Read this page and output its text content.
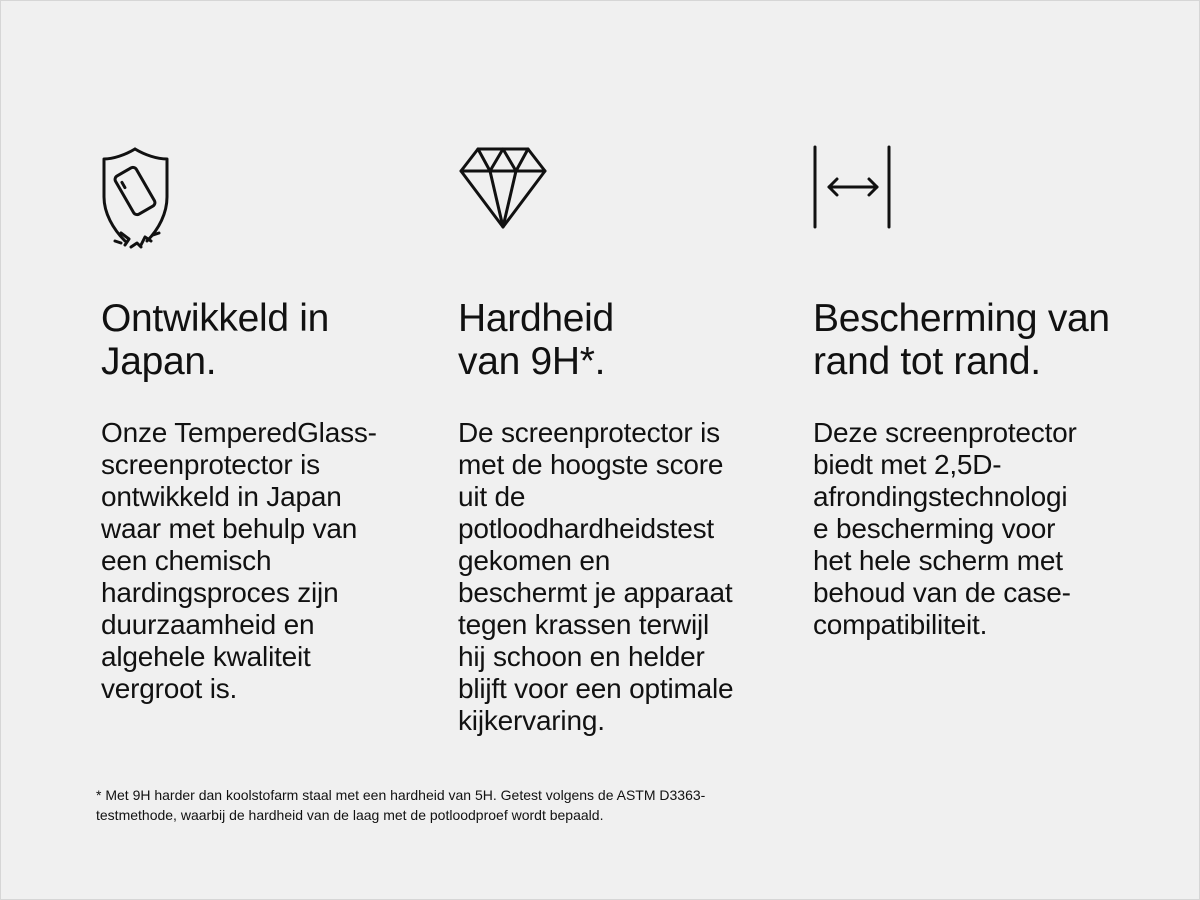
Ontwikkeld in
Japan.
Onze TemperedGlass-
screenprotector is
ontwikkeld in Japan
waar met behulp van
een chemisch
hardingsproces zijn
duurzaamheid en
algehele kwaliteit
vergroot is.
Hardheid
van 9H*.
De screenprotector is
met de hoogste score
uit de
potloodhardheidstest
gekomen en
beschermt je apparaat
tegen krassen terwijl
hij schoon en helder
blijft voor een optimale
kijkervaring.
Bescherming van
rand tot rand.
Deze screenprotector
biedt met 2,5D-
afrondingstechnologi
e bescherming voor
het hele scherm met
behoud van de case-
compatibiliteit.
* Met 9H harder dan koolstofarm staal met een hardheid van 5H. Getest volgens de ASTM D3363-
testmethode, waarbij de hardheid van de laag met de potloodproef wordt bepaald.
